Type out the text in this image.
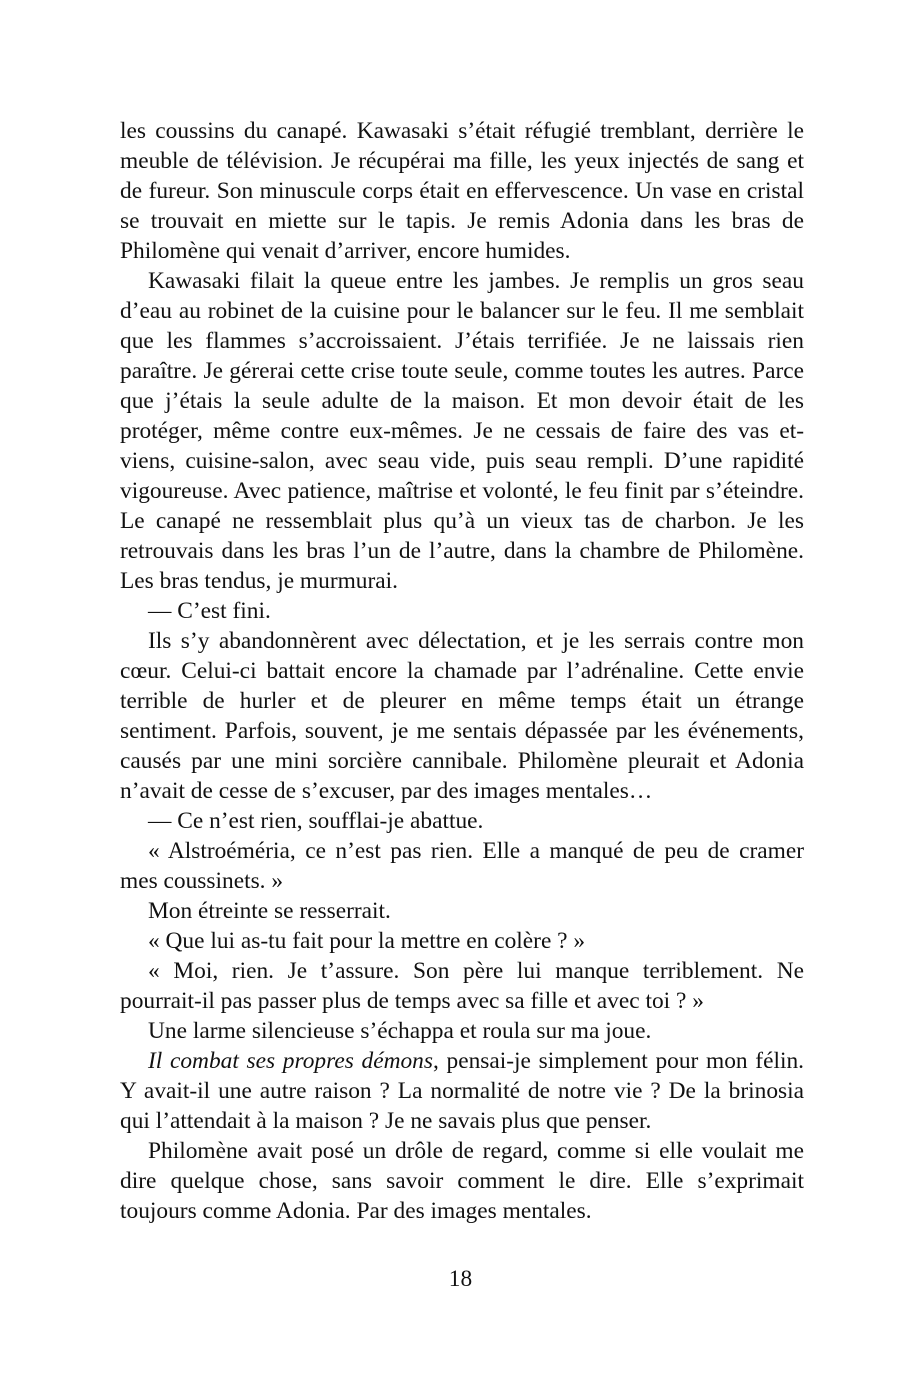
les coussins du canapé. Kawasaki s’était réfugié tremblant, derrière le meuble de télévision. Je récupérai ma fille, les yeux injectés de sang et de fureur. Son minuscule corps était en effervescence. Un vase en cristal se trouvait en miette sur le tapis. Je remis Adonia dans les bras de Philomène qui venait d’arriver, encore humides.

Kawasaki filait la queue entre les jambes. Je remplis un gros seau d’eau au robinet de la cuisine pour le balancer sur le feu. Il me semblait que les flammes s’accroissaient. J’étais terrifiée. Je ne laissais rien paraître. Je gérerai cette crise toute seule, comme toutes les autres. Parce que j’étais la seule adulte de la maison. Et mon devoir était de les protéger, même contre eux-mêmes. Je ne cessais de faire des vas et-viens, cuisine-salon, avec seau vide, puis seau rempli. D’une rapidité vigoureuse. Avec patience, maîtrise et volonté, le feu finit par s’éteindre. Le canapé ne ressemblait plus qu’à un vieux tas de charbon. Je les retrouvais dans les bras l’un de l’autre, dans la chambre de Philomène. Les bras tendus, je murmurai.

— C’est fini.

Ils s’y abandonnèrent avec délectation, et je les serrais contre mon cœur. Celui-ci battait encore la chamade par l’adrénaline. Cette envie terrible de hurler et de pleurer en même temps était un étrange sentiment. Parfois, souvent, je me sentais dépassée par les événements, causés par une mini sorcière cannibale. Philomène pleurait et Adonia n’avait de cesse de s’excuser, par des images mentales…

— Ce n’est rien, soufflai-je abattue.

« Alstroéméria, ce n’est pas rien. Elle a manqué de peu de cramer mes coussinets. »

Mon étreinte se resserrait.

« Que lui as-tu fait pour la mettre en colère ? »

« Moi, rien. Je t’assure. Son père lui manque terriblement. Ne pourrait-il pas passer plus de temps avec sa fille et avec toi ? »

Une larme silencieuse s’échappa et roula sur ma joue.

Il combat ses propres démons, pensai-je simplement pour mon félin. Y avait-il une autre raison ? La normalité de notre vie ? De la brinosia qui l’attendait à la maison ? Je ne savais plus que penser.

Philomène avait posé un drôle de regard, comme si elle voulait me dire quelque chose, sans savoir comment le dire. Elle s’exprimait toujours comme Adonia. Par des images mentales.

18
